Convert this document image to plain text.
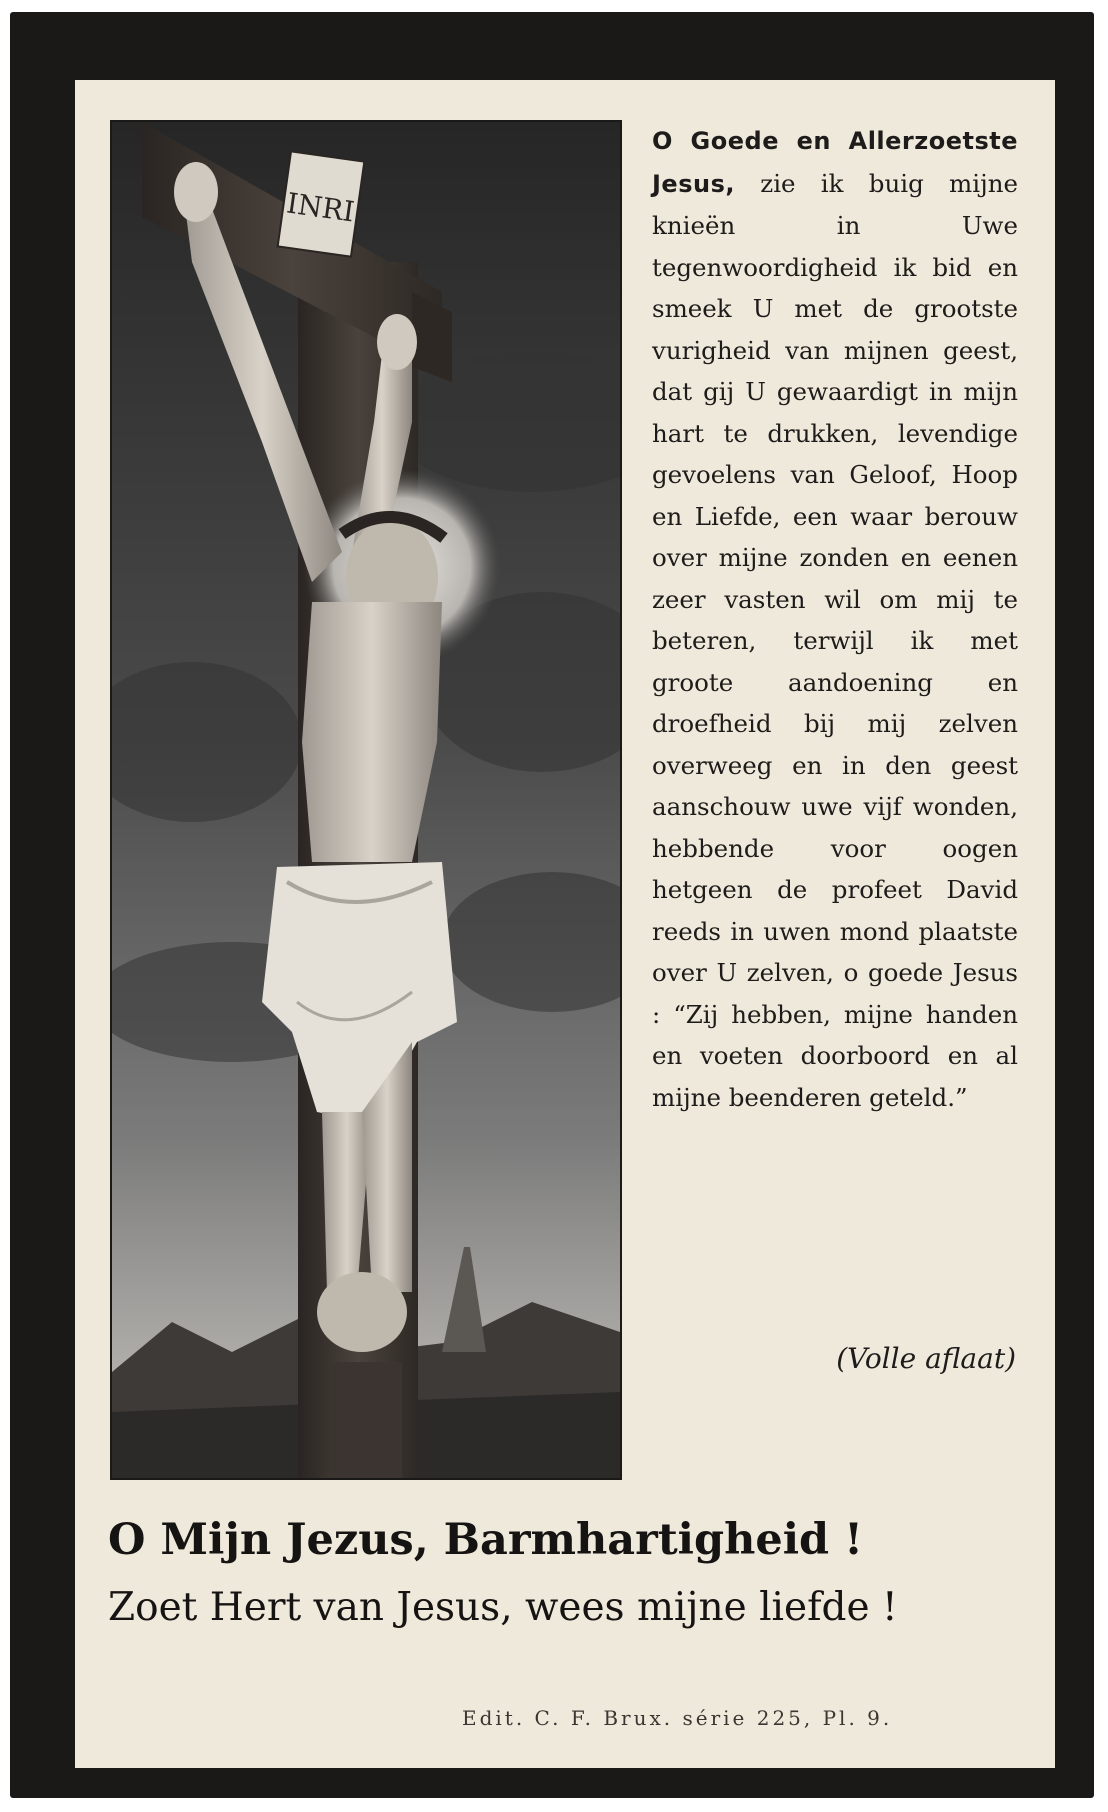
INRI

O Goede en Allerzoetste Jesus, zie ik buig mijne knieën in Uwe tegenwoordigheid ik bid en smeek U met de grootste vurigheid van mijnen geest, dat gij U gewaardigt in mijn hart te drukken, levendige gevoelens van Geloof, Hoop en Liefde, een waar berouw over mijne zonden en eenen zeer vasten wil om mij te beteren, terwijl ik met groote aandoening en droefheid bij mij zelven overweeg en in den geest aanschouw uwe vijf wonden, hebbende voor oogen hetgeen de profeet David reeds in uwen mond plaatste over U zelven, o goede Jesus : “Zij hebben, mijne handen en voeten doorboord en al mijne beenderen geteld.”

(Volle aflaat)
O Mijn Jezus, Barmhartigheid !
Zoet Hert van Jesus, wees mijne liefde !
Edit. C. F. Brux. série 225, Pl. 9.
